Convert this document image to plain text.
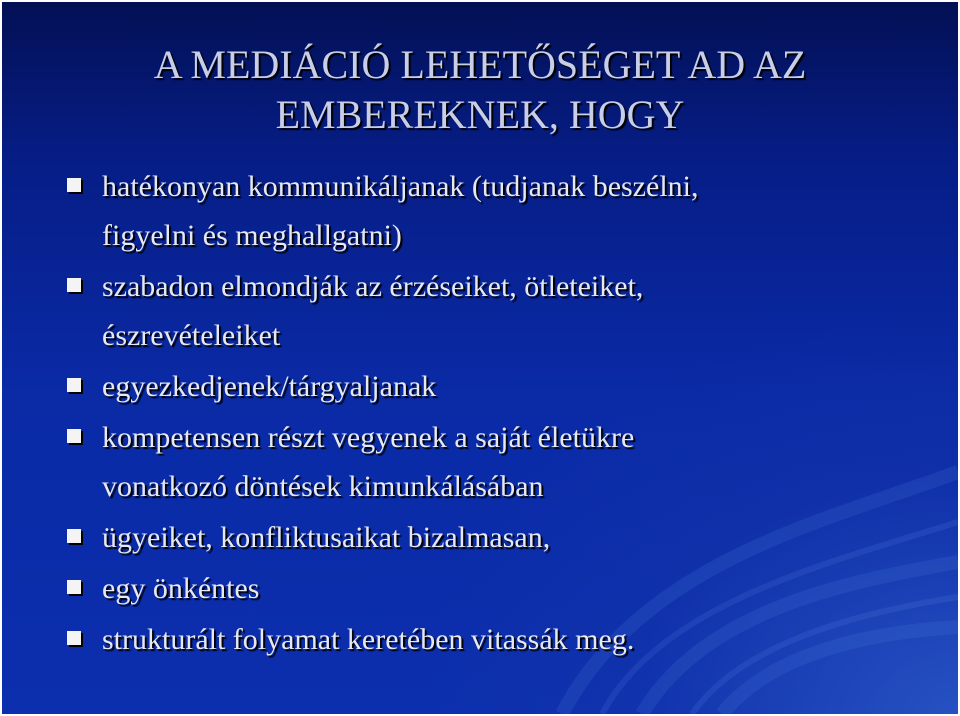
A MEDIÁCIÓ LEHETŐSÉGET AD AZ
EMBEREKNEK, HOGY
hatékonyan kommunikáljanak (tudjanak beszélni,
figyelni és meghallgatni)
szabadon elmondják az érzéseiket, ötleteiket,
észrevételeiket
egyezkedjenek/tárgyaljanak
kompetensen részt vegyenek a saját életükre
vonatkozó döntések kimunkálásában
ügyeiket, konfliktusaikat bizalmasan,
egy önkéntes
strukturált folyamat keretében vitassák meg.
